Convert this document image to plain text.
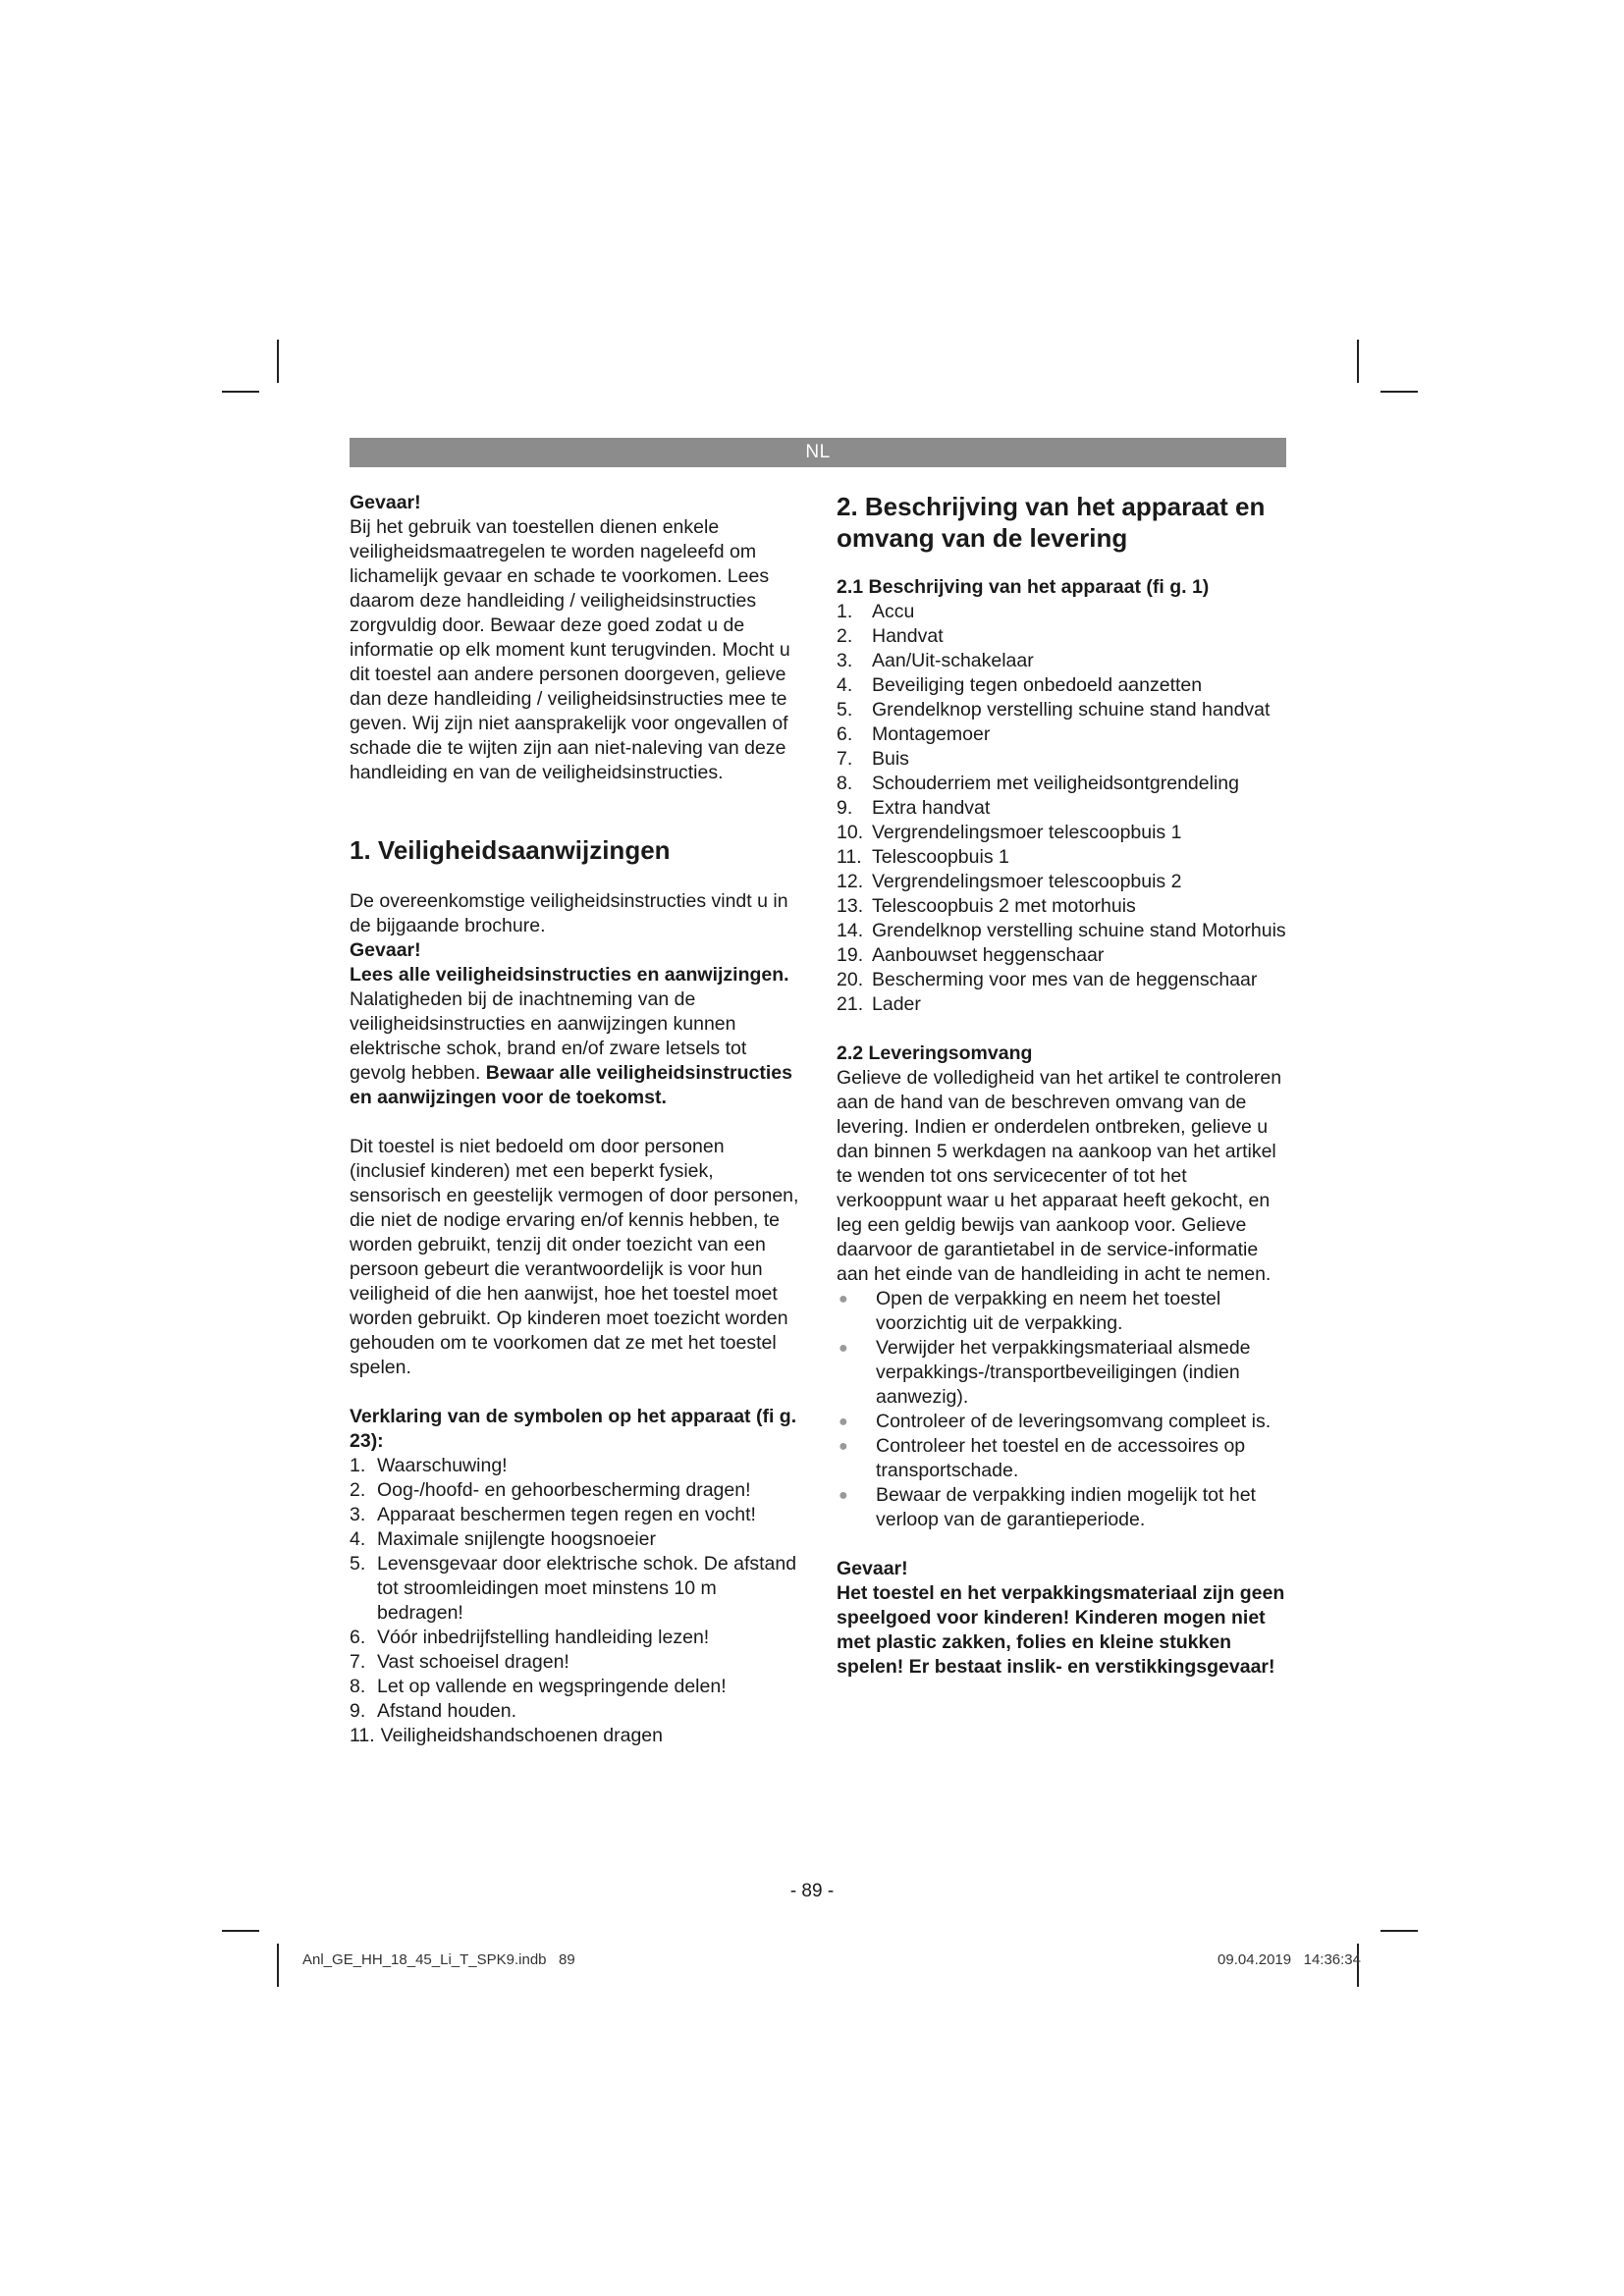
NL

Gevaar!

Bij het gebruik van toestellen dienen enkele veiligheidsmaatregelen te worden nageleefd om lichamelijk gevaar en schade te voorkomen. Lees daarom deze handleiding / veiligheidsinstructies zorgvuldig door. Bewaar deze goed zodat u de informatie op elk moment kunt terugvinden. Mocht u dit toestel aan andere personen doorgeven, gelieve dan deze handleiding / veiligheidsinstructies mee te geven. Wij zijn niet aansprakelijk voor ongevallen of schade die te wijten zijn aan niet-naleving van deze handleiding en van de veiligheidsinstructies.

1. Veiligheidsaanwijzingen

De overeenkomstige veiligheidsinstructies vindt u in de bijgaande brochure.

Gevaar!

Lees alle veiligheidsinstructies en aanwijzingen. Nalatigheden bij de inachtneming van de veiligheidsinstructies en aanwijzingen kunnen elektrische schok, brand en/of zware letsels tot gevolg hebben. Bewaar alle veiligheidsinstructies en aanwijzingen voor de toekomst.

Dit toestel is niet bedoeld om door personen (inclusief kinderen) met een beperkt fysiek, sensorisch en geestelijk vermogen of door personen, die niet de nodige ervaring en/of kennis hebben, te worden gebruikt, tenzij dit onder toezicht van een persoon gebeurt die verantwoordelijk is voor hun veiligheid of die hen aanwijst, hoe het toestel moet worden gebruikt. Op kinderen moet toezicht worden gehouden om te voorkomen dat ze met het toestel spelen.

Verklaring van de symbolen op het apparaat (fi g. 23):

1. Waarschuwing!
2. Oog-/hoofd- en gehoorbescherming dragen!
3. Apparaat beschermen tegen regen en vocht!
4. Maximale snijlengte hoogsnoeier
5. Levensgevaar door elektrische schok. De afstand tot stroomleidingen moet minstens 10 m bedragen!
6. Vóór inbedrijfstelling handleiding lezen!
7. Vast schoeisel dragen!
8. Let op vallende en wegspringende delen!
9. Afstand houden.
11. Veiligheidshandschoenen dragen

2. Beschrijving van het apparaat en omvang van de levering

2.1 Beschrijving van het apparaat (fi g. 1)

1.	Accu
2.	Handvat
3.	Aan/Uit-schakelaar
4.	Beveiliging tegen onbedoeld aanzetten
5.	Grendelknop verstelling schuine stand handvat
6.	Montagemoer
7.	Buis
8.	Schouderriem met veiligheidsontgrendeling
9.	Extra handvat
10. Vergrendelingsmoer telescoopbuis 1
11. Telescoopbuis 1
12. Vergrendelingsmoer telescoopbuis 2
13. Telescoopbuis 2 met motorhuis
14. Grendelknop verstelling schuine stand Motorhuis
19. Aanbouwset heggenschaar
20. Bescherming voor mes van de heggenschaar
21. Lader

2.2 Leveringsomvang

Gelieve de volledigheid van het artikel te controleren aan de hand van de beschreven omvang van de levering. Indien er onderdelen ontbreken, gelieve u dan binnen 5 werkdagen na aankoop van het artikel te wenden tot ons servicecenter of tot het verkooppunt waar u het apparaat heeft gekocht, en leg een geldig bewijs van aankoop voor. Gelieve daarvoor de garantietabel in de service-informatie aan het einde van de handleiding in acht te nemen.

●	Open de verpakking en neem het toestel voorzichtig uit de verpakking.
●	Verwijder het verpakkingsmateriaal alsmede verpakkings-/transportbeveiligingen (indien aanwezig).
●	Controleer of de leveringsomvang compleet is.
●	Controleer het toestel en de accessoires op transportschade.
●	Bewaar de verpakking indien mogelijk tot het verloop van de garantieperiode.

Gevaar!

Het toestel en het verpakkingsmateriaal zijn geen speelgoed voor kinderen! Kinderen mogen niet met plastic zakken, folies en kleine stukken spelen! Er bestaat inslik- en verstikkingsgevaar!

- 89 -
Anl_GE_HH_18_45_Li_T_SPK9.indb   89	09.04.2019   14:36:34
